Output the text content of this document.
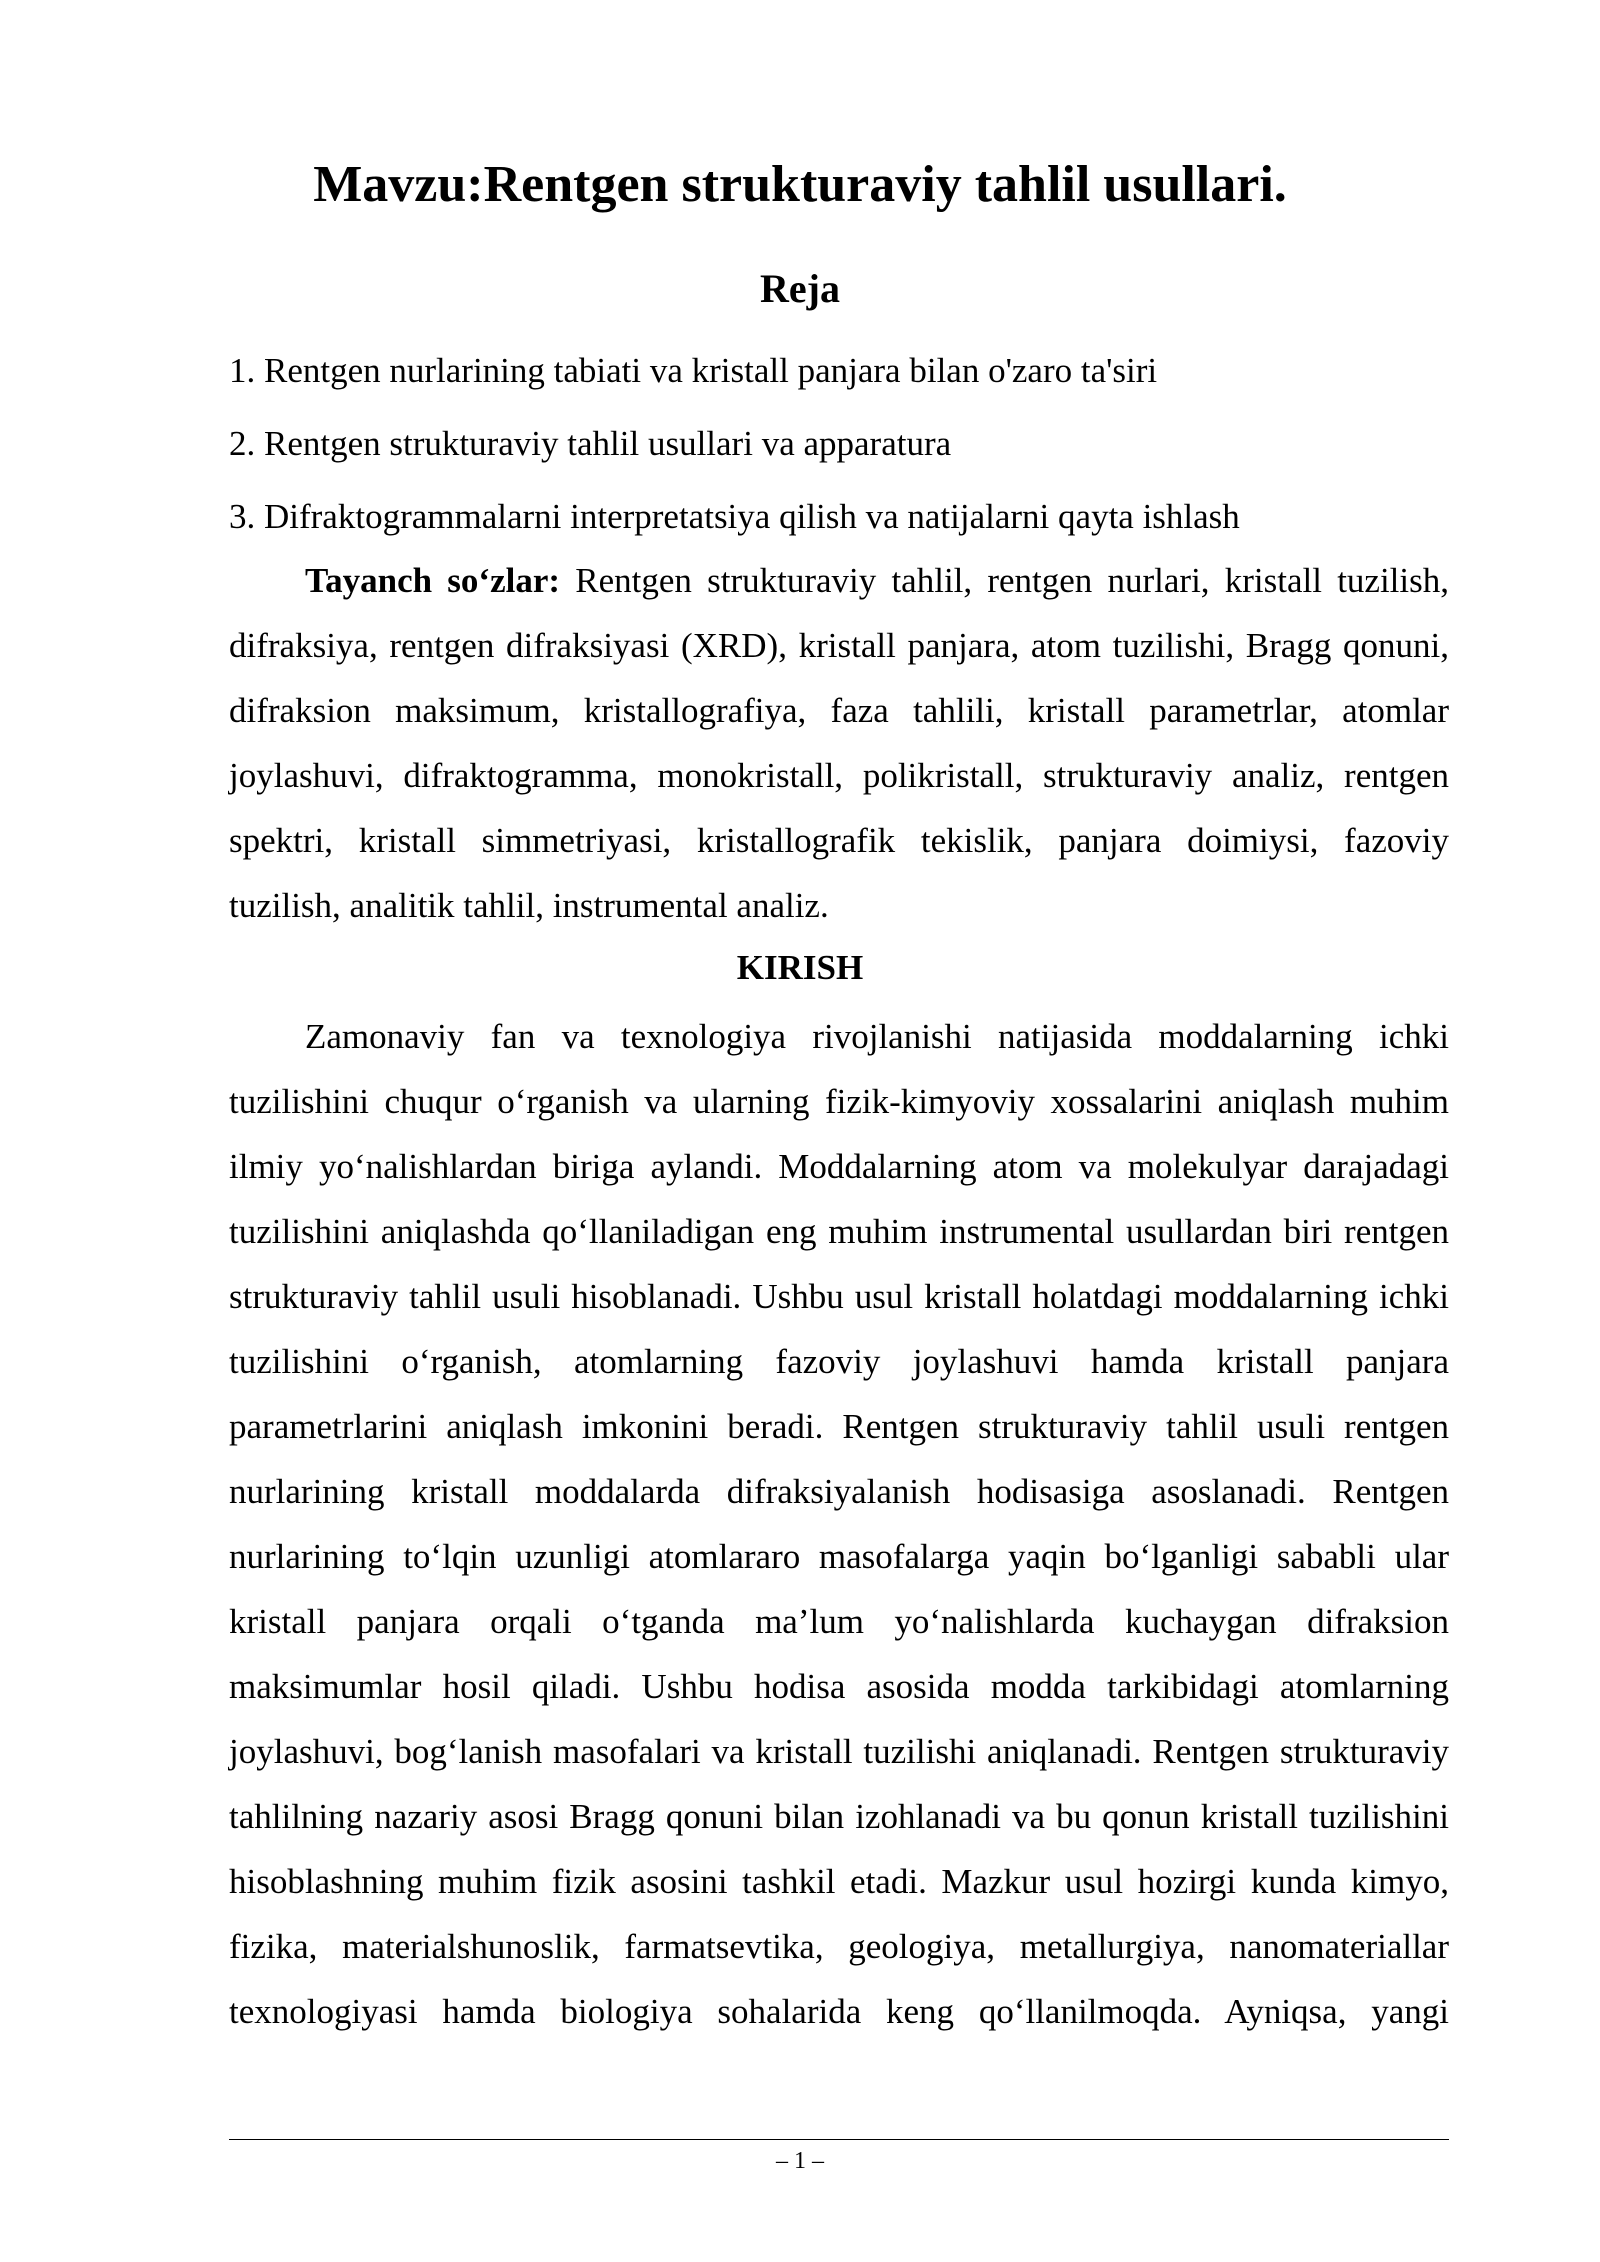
Mavzu:Rentgen strukturaviy tahlil usullari.
Reja
1. Rentgen nurlarining tabiati va kristall panjara bilan o'zaro ta'siri
2. Rentgen strukturaviy tahlil usullari va apparatura
3. Difraktogrammalarni interpretatsiya qilish va natijalarni qayta ishlash

Tayanch so‘zlar: Rentgen strukturaviy tahlil, rentgen nurlari, kristall tuzilish, difraksiya, rentgen difraksiyasi (XRD), kristall panjara, atom tuzilishi, Bragg qonuni, difraksion maksimum, kristallografiya, faza tahlili, kristall parametrlar, atomlar joylashuvi, difraktogramma, monokristall, polikristall, strukturaviy analiz, rentgen spektri, kristall simmetriyasi, kristallografik tekislik, panjara doimiysi, fazoviy tuzilish, analitik tahlil, instrumental analiz.

KIRISH

Zamonaviy fan va texnologiya rivojlanishi natijasida moddalarning ichki tuzilishini chuqur o‘rganish va ularning fizik-kimyoviy xossalarini aniqlash muhim ilmiy yo‘nalishlardan biriga aylandi. Moddalarning atom va molekulyar darajadagi tuzilishini aniqlashda qo‘llaniladigan eng muhim instrumental usullardan biri rentgen strukturaviy tahlil usuli hisoblanadi. Ushbu usul kristall holatdagi moddalarning ichki tuzilishini o‘rganish, atomlarning fazoviy joylashuvi hamda kristall panjara parametrlarini aniqlash imkonini beradi. Rentgen strukturaviy tahlil usuli rentgen nurlarining kristall moddalarda difraksiyalanish hodisasiga asoslanadi. Rentgen nurlarining to‘lqin uzunligi atomlararo masofalarga yaqin bo‘lganligi sababli ular kristall panjara orqali o‘tganda ma’lum yo‘nalishlarda kuchaygan difraksion maksimumlar hosil qiladi. Ushbu hodisa asosida modda tarkibidagi atomlarning joylashuvi, bog‘lanish masofalari va kristall tuzilishi aniqlanadi. Rentgen strukturaviy tahlilning nazariy asosi Bragg qonuni bilan izohlanadi va bu qonun kristall tuzilishini hisoblashning muhim fizik asosini tashkil etadi. Mazkur usul hozirgi kunda kimyo, fizika, materialshunoslik, farmatsevtika, geologiya, metallurgiya, nanomateriallar texnologiyasi hamda biologiya sohalarida keng qo‘llanilmoqda. Ayniqsa, yangi

– 1 –
